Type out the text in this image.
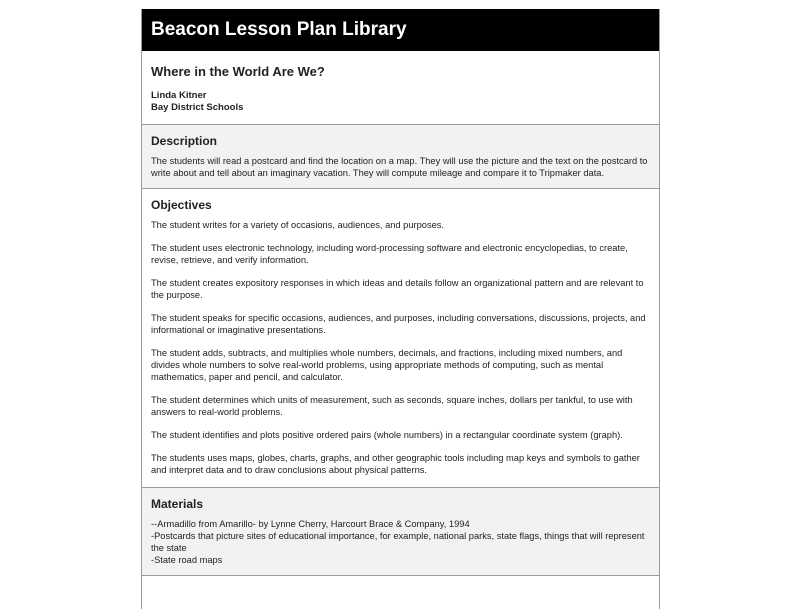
Beacon Lesson Plan Library
Where in the World Are We?
Linda Kitner
Bay District Schools
Description

The students will read a postcard and find the location on a map. They will use the picture and the text on the postcard to write about and tell about an imaginary vacation. They will compute mileage and compare it to Tripmaker data.

Objectives

The student writes for a variety of occasions, audiences, and purposes.

The student uses electronic technology, including word-processing software and electronic encyclopedias, to create, revise, retrieve, and verify information.

The student creates expository responses in which ideas and details follow an organizational pattern and are relevant to the purpose.

The student speaks for specific occasions, audiences, and purposes, including conversations, discussions, projects, and informational or imaginative presentations.

The student adds, subtracts, and multiplies whole numbers, decimals, and fractions, including mixed numbers, and divides whole numbers to solve real-world problems, using appropriate methods of computing, such as mental mathematics, paper and pencil, and calculator.

The student determines which units of measurement, such as seconds, square inches, dollars per tankful, to use with answers to real-world problems.

The student identifies and plots positive ordered pairs (whole numbers) in a rectangular coordinate system (graph).

The students uses maps, globes, charts, graphs, and other geographic tools including map keys and symbols to gather and interpret data and to draw conclusions about physical patterns.

Materials

--Armadillo from Amarillo- by Lynne Cherry, Harcourt Brace & Company, 1994

-Postcards that picture sites of educational importance, for example, national parks, state flags, things that will represent the state

-State road maps
